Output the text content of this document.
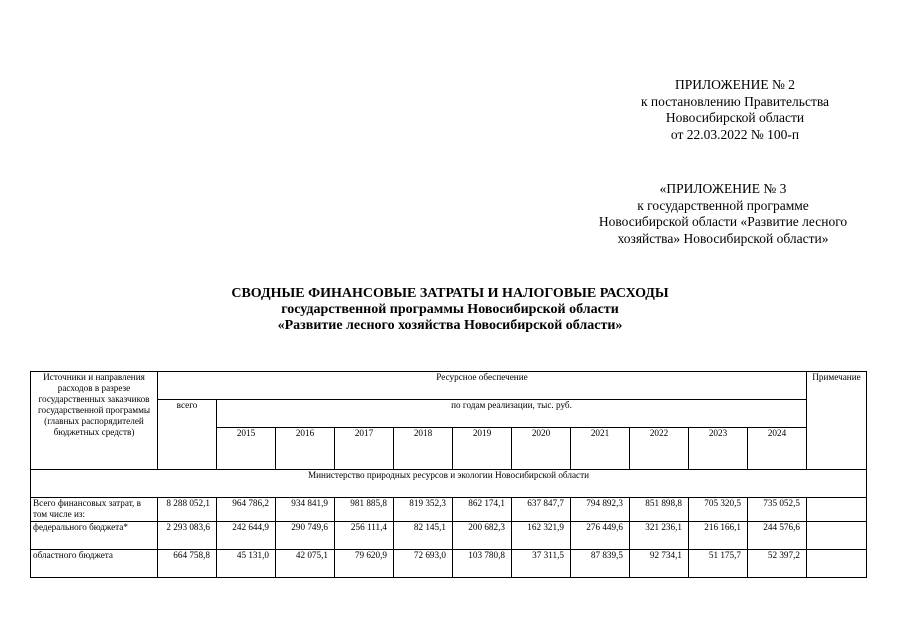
ПРИЛОЖЕНИЕ № 2
к постановлению Правительства
Новосибирской области
от 22.03.2022 № 100-п
«ПРИЛОЖЕНИЕ № 3
к государственной программе
Новосибирской области «Развитие лесного
хозяйства» Новосибирской области»
СВОДНЫЕ ФИНАНСОВЫЕ ЗАТРАТЫ И НАЛОГОВЫЕ РАСХОДЫ
государственной программы Новосибирской области
«Развитие лесного хозяйства Новосибирской области»
Источники и направления расходов в разрезе государственных заказчиков государственной программы (главных распорядителей бюджетных средств)	Ресурсное обеспечение											Примечание
	всего	по годам реализации, тыс. руб.										
		2015	2016	2017	2018	2019	2020	2021	2022	2023	2024	
Министерство природных ресурсов и экологии Новосибирской области												
Всего финансовых затрат, в том числе из:	8 288 052,1	964 786,2	934 841,9	981 885,8	819 352,3	862 174,1	637 847,7	794 892,3	851 898,8	705 320,5	735 052,5	
федерального бюджета*	2 293 083,6	242 644,9	290 749,6	256 111,4	82 145,1	200 682,3	162 321,9	276 449,6	321 236,1	216 166,1	244 576,6	
областного бюджета	664 758,8	45 131,0	42 075,1	79 620,9	72 693,0	103 780,8	37 311,5	87 839,5	92 734,1	51 175,7	52 397,2	
